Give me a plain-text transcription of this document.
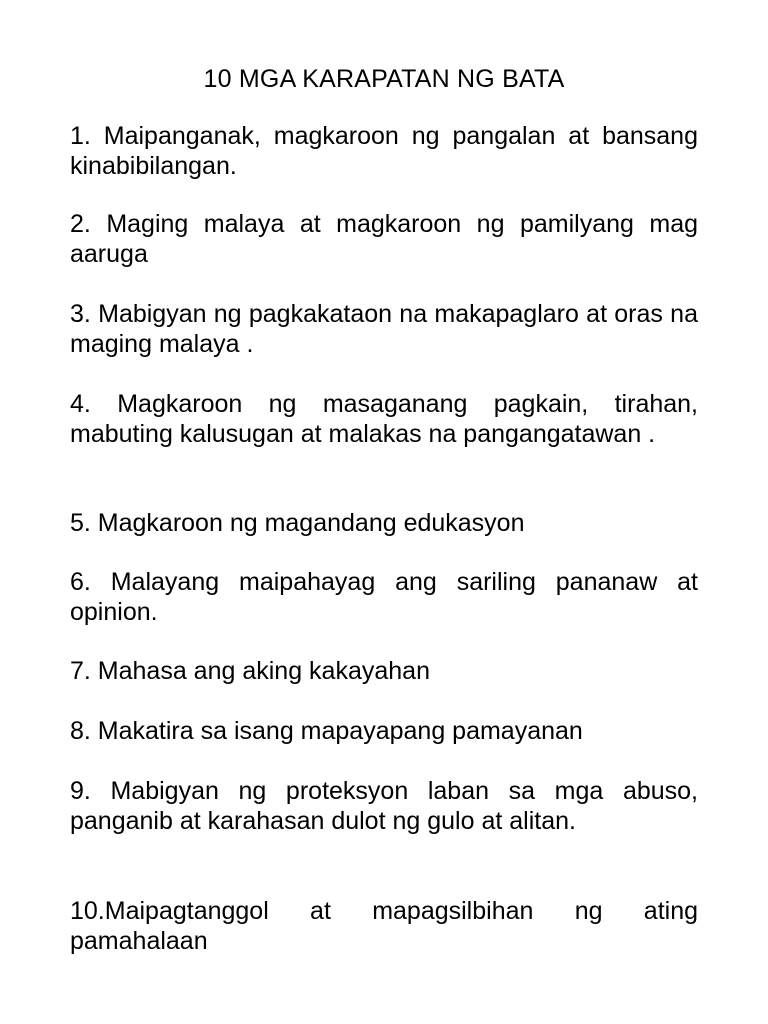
10 MGA KARAPATAN NG BATA

1. Maipanganak, magkaroon ng pangalan at bansang kinabibilangan.

2. Maging malaya at magkaroon ng pamilyang mag aaruga

3. Mabigyan ng pagkakataon na makapaglaro at oras na maging malaya .

4. Magkaroon ng masaganang pagkain, tirahan, mabuting kalusugan at malakas na pangangatawan .

5. Magkaroon ng magandang edukasyon

6. Malayang maipahayag ang sariling pananaw at opinion.

7. Mahasa ang aking kakayahan

8. Makatira sa isang mapayapang pamayanan

9. Mabigyan ng proteksyon laban sa mga abuso, panganib at karahasan dulot ng gulo at alitan.

10.Maipagtanggol at mapagsilbihan ng ating pamahalaan
